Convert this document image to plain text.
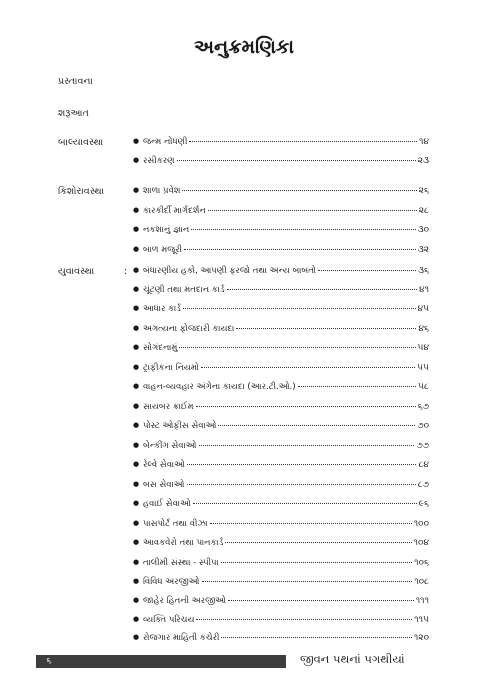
અનુક્રમણિકા
પ્રસ્તાવના
શરૂઆત
બાલ્યાવસ્થા	● જન્મ નોંધણી	૧૪
● રસીકરણ	૨૩
કિશોરાવસ્થા	● શાળા પ્રવેશ	૨૬
● કારકીર્દી માર્ગદર્શન	૨૮
● નકશાનું જ્ઞાન	૩૦
● બાળ મજૂરી	૩૨
યુવાવસ્થા	: ● બંધારણીય હકો, આપણી ફરજો તથા અન્ય બાબતો	૩૬
● ચૂંટણી તથા મતદાન કાર્ડ	૪૧
● આધાર કાર્ડ	૪૫
● અગત્યના ફોજદારી કાયદા	૪૬
● સોગંદનામું	૫૪
● ટ્રાફીકના નિયમો	૫૫
● વાહન-વ્યવહાર અંગેના કાયદા (આર.ટી.ઓ.)	૫૮
● સાયબર ક્રાઈમ	૬૭
● પોસ્ટ ઓફીસ સેવાઓ	૭૦
● બેન્કીંગ સેવાઓ	૭૭
● રેલ્વે સેવાઓ	૮૪
● બસ સેવાઓ	૮૭
● હવાઈ સેવાઓ	૯૬
● પાસપોર્ટ તથા વીઝા	૧૦૦
● આવકવેરો તથા પાનકાર્ડ	૧૦૪
● તાલીમી સંસ્થા - સ્પીપા	૧૦૬
● વિવિધ અરજીઓ	૧૦૮
● જાહેર હિતની અરજીઓ	૧૧૧
● વ્યક્તિ પરિચય	૧૧૫
● રોજગાર માહિતી કચેરી	૧૨૦
૬	જીવન પથનાં પગથીયાં
